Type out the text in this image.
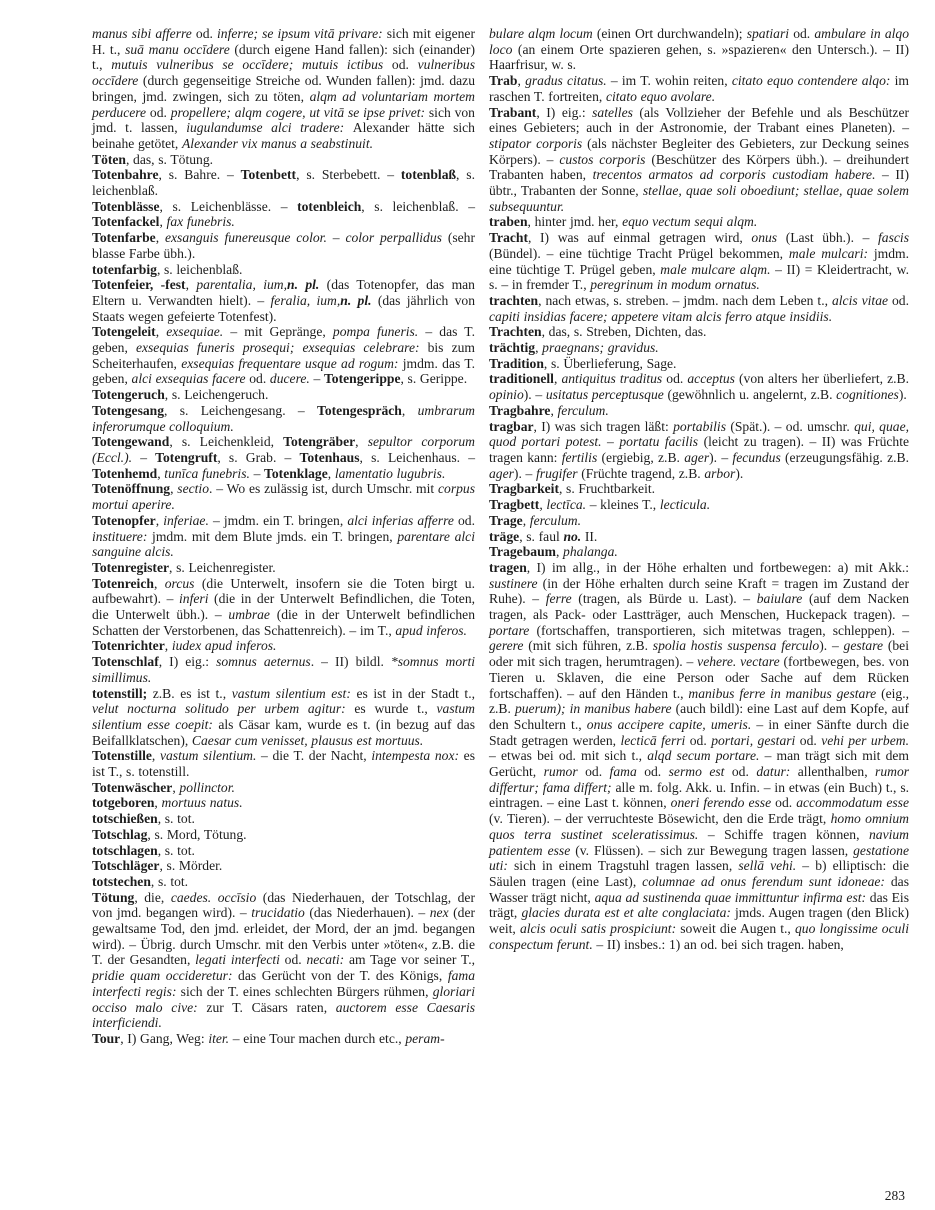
manus sibi afferre od. inferre; se ipsum vitā privare: sich mit eigener H. t., suā manu occīdere (durch eigene Hand fallen): sich (einander) t., mutuis vulneribus se occīdere; mutuis ictibus od. vulneribus occīdere (durch gegenseitige Streiche od. Wunden fallen): jmd. dazu bringen, jmd. zwingen, sich zu töten, alqm ad voluntariam mortem perducere od. propellere; alqm cogere, ut vitā se ipse privet: sich von jmd. t. lassen, iugulandumse alci tradere: Alexander hätte sich beinahe getötet, Alexander vix manus a seabstinuit.

Töten, das, s. Tötung.

Totenbahre, s. Bahre. – Totenbett, s. Sterbebett. – totenblaß, s. leichenblaß.

Totenblässe, s. Leichenblässe. – totenbleich, s. leichenblaß. – Totenfackel, fax funebris.

Totenfarbe, exsanguis funereusque color. – color perpallidus (sehr blasse Farbe übh.).

totenfarbig, s. leichenblaß.

Totenfeier, -fest, parentalia, ium,n. pl. (das Totenopfer, das man Eltern u. Verwandten hielt). – feralia, ium,n. pl. (das jährlich von Staats wegen gefeierte Totenfest).

Totengeleit, exsequiae. – mit Gepränge, pompa funeris. – das T. geben, exsequias funeris prosequi; exsequias celebrare: bis zum Scheiterhaufen, exsequias frequentare usque ad rogum: jmdm. das T. geben, alci exsequias facere od. ducere. – Totengerippe, s. Gerippe.

Totengeruch, s. Leichengeruch.

Totengesang, s. Leichengesang. – Totengespräch, umbrarum inferorumque colloquium.

Totengewand, s. Leichenkleid, Totengräber, sepultor corporum (Eccl.). – Totengruft, s. Grab. – Totenhaus, s. Leichenhaus. – Totenhemd, tunīca funebris. – Totenklage, lamentatio lugubris.

Totenöffnung, sectio. – Wo es zulässig ist, durch Umschr. mit corpus mortui aperire.

Totenopfer, inferiae. – jmdm. ein T. bringen, alci inferias afferre od. instituere: jmdm. mit dem Blute jmds. ein T. bringen, parentare alci sanguine alcis.

Totenregister, s. Leichenregister.

Totenreich, orcus (die Unterwelt, insofern sie die Toten birgt u. aufbewahrt). – inferi (die in der Unterwelt Befindlichen, die Toten, die Unterwelt übh.). – umbrae (die in der Unterwelt befindlichen Schatten der Verstorbenen, das Schattenreich). – im T., apud inferos.

Totenrichter, iudex apud inferos.

Totenschlaf, I) eig.: somnus aeternus. – II) bildl. *somnus morti simillimus.

totenstill; z.B. es ist t., vastum silentium est: es ist in der Stadt t., velut nocturna solitudo per urbem agitur: es wurde t., vastum silentium esse coepit: als Cäsar kam, wurde es t. (in bezug auf das Beifallklatschen), Caesar cum venisset, plausus est mortuus.

Totenstille, vastum silentium. – die T. der Nacht, intempesta nox: es ist T., s. totenstill.

Totenwäscher, pollinctor.

totgeboren, mortuus natus.

totschießen, s. tot.

Totschlag, s. Mord, Tötung.

totschlagen, s. tot.

Totschläger, s. Mörder.

totstechen, s. tot.

Tötung, die, caedes. occīsio (das Niederhauen, der Totschlag, der von jmd. begangen wird). – trucidatio (das Niederhauen). – nex (der gewaltsame Tod, den jmd. erleidet, der Mord, der an jmd. begangen wird). – Übrig. durch Umschr. mit den Verbis unter »töten«, z.B. die T. der Gesandten, legati interfecti od. necati: am Tage vor seiner T., pridie quam occideretur: das Gerücht von der T. des Königs, fama interfecti regis: sich der T. eines schlechten Bürgers rühmen, gloriari occiso malo cive: zur T. Cäsars raten, auctorem esse Caesaris interficiendi.

Tour, I) Gang, Weg: iter. – eine Tour machen durch etc., peram-

bulare alqm locum (einen Ort durchwandeln); spatiari od. ambulare in alqo loco (an einem Orte spazieren gehen, s. »spazieren« den Untersch.). – II) Haarfrisur, w. s.

Trab, gradus citatus. – im T. wohin reiten, citato equo contendere alqo: im raschen T. fortreiten, citato equo avolare.

Trabant, I) eig.: satelles (als Vollzieher der Befehle und als Beschützer eines Gebieters; auch in der Astronomie, der Trabant eines Planeten). – stipator corporis (als nächster Begleiter des Gebieters, zur Deckung seines Körpers). – custos corporis (Beschützer des Körpers übh.). – dreihundert Trabanten haben, trecentos armatos ad corporis custodiam habere. – II) übtr., Trabanten der Sonne, stellae, quae soli oboediunt; stellae, quae solem subsequuntur.

traben, hinter jmd. her, equo vectum sequi alqm.

Tracht, I) was auf einmal getragen wird, onus (Last übh.). – fascis (Bündel). – eine tüchtige Tracht Prügel bekommen, male mulcari: jmdm. eine tüchtige T. Prügel geben, male mulcare alqm. – II) = Kleidertracht, w. s. – in fremder T., peregrinum in modum ornatus.

trachten, nach etwas, s. streben. – jmdm. nach dem Leben t., alcis vitae od. capiti insidias facere; appetere vitam alcis ferro atque insidiis.

Trachten, das, s. Streben, Dichten, das.

trächtig, praegnans; gravidus.

Tradition, s. Überlieferung, Sage.

traditionell, antiquitus traditus od. acceptus (von alters her überliefert, z.B. opinio). – usitatus perceptusque (gewöhnlich u. angelernt, z.B. cognitiones).

Tragbahre, ferculum.

tragbar, I) was sich tragen läßt: portabilis (Spät.). – od. umschr. qui, quae, quod portari potest. – portatu facilis (leicht zu tragen). – II) was Früchte tragen kann: fertilis (ergiebig, z.B. ager). – fecundus (erzeugungsfähig. z.B. ager). – frugifer (Früchte tragend, z.B. arbor).

Tragbarkeit, s. Fruchtbarkeit.

Tragbett, lectīca. – kleines T., lecticula.

Trage, ferculum.

träge, s. faul no. II.

Tragebaum, phalanga.

tragen, I) im allg., in der Höhe erhalten und fortbewegen: a) mit Akk.: sustinere (in der Höhe erhalten durch seine Kraft = tragen im Zustand der Ruhe). – ferre (tragen, als Bürde u. Last). – baiulare (auf dem Nacken tragen, als Pack- oder Lastträger, auch Menschen, Huckepack tragen). – portare (fortschaffen, transportieren, sich mitetwas tragen, schleppen). – gerere (mit sich führen, z.B. spolia hostis suspensa ferculo). – gestare (bei oder mit sich tragen, herumtragen). – vehere. vectare (fortbewegen, bes. von Tieren u. Sklaven, die eine Person oder Sache auf dem Rücken fortschaffen). – auf den Händen t., manibus ferre in manibus gestare (eig., z.B. puerum); in manibus habere (auch bildl): eine Last auf dem Kopfe, auf den Schultern t., onus accipere capite, umeris. – in einer Sänfte durch die Stadt getragen werden, lecticā ferri od. portari, gestari od. vehi per urbem. – etwas bei od. mit sich t., alqd secum portare. – man trägt sich mit dem Gerücht, rumor od. fama od. sermo est od. datur: allenthalben, rumor differtur; fama differt; alle m. folg. Akk. u. Infin. – in etwas (ein Buch) t., s. eintragen. – eine Last t. können, oneri ferendo esse od. accommodatum esse (v. Tieren). – der verruchteste Bösewicht, den die Erde trägt, homo omnium quos terra sustinet sceleratissimus. – Schiffe tragen können, navium patientem esse (v. Flüssen). – sich zur Bewegung tragen lassen, gestatione uti: sich in einem Tragstuhl tragen lassen, sellā vehi. – b) elliptisch: die Säulen tragen (eine Last), columnae ad onus ferendum sunt idoneae: das Wasser trägt nicht, aqua ad sustinenda quae immittuntur infirma est: das Eis trägt, glacies durata est et alte conglaciata: jmds. Augen tragen (den Blick) weit, alcis oculi satis prospiciunt: soweit die Augen t., quo longissime oculi conspectum ferunt. – II) insbes.: 1) an od. bei sich tragen. haben,

283
